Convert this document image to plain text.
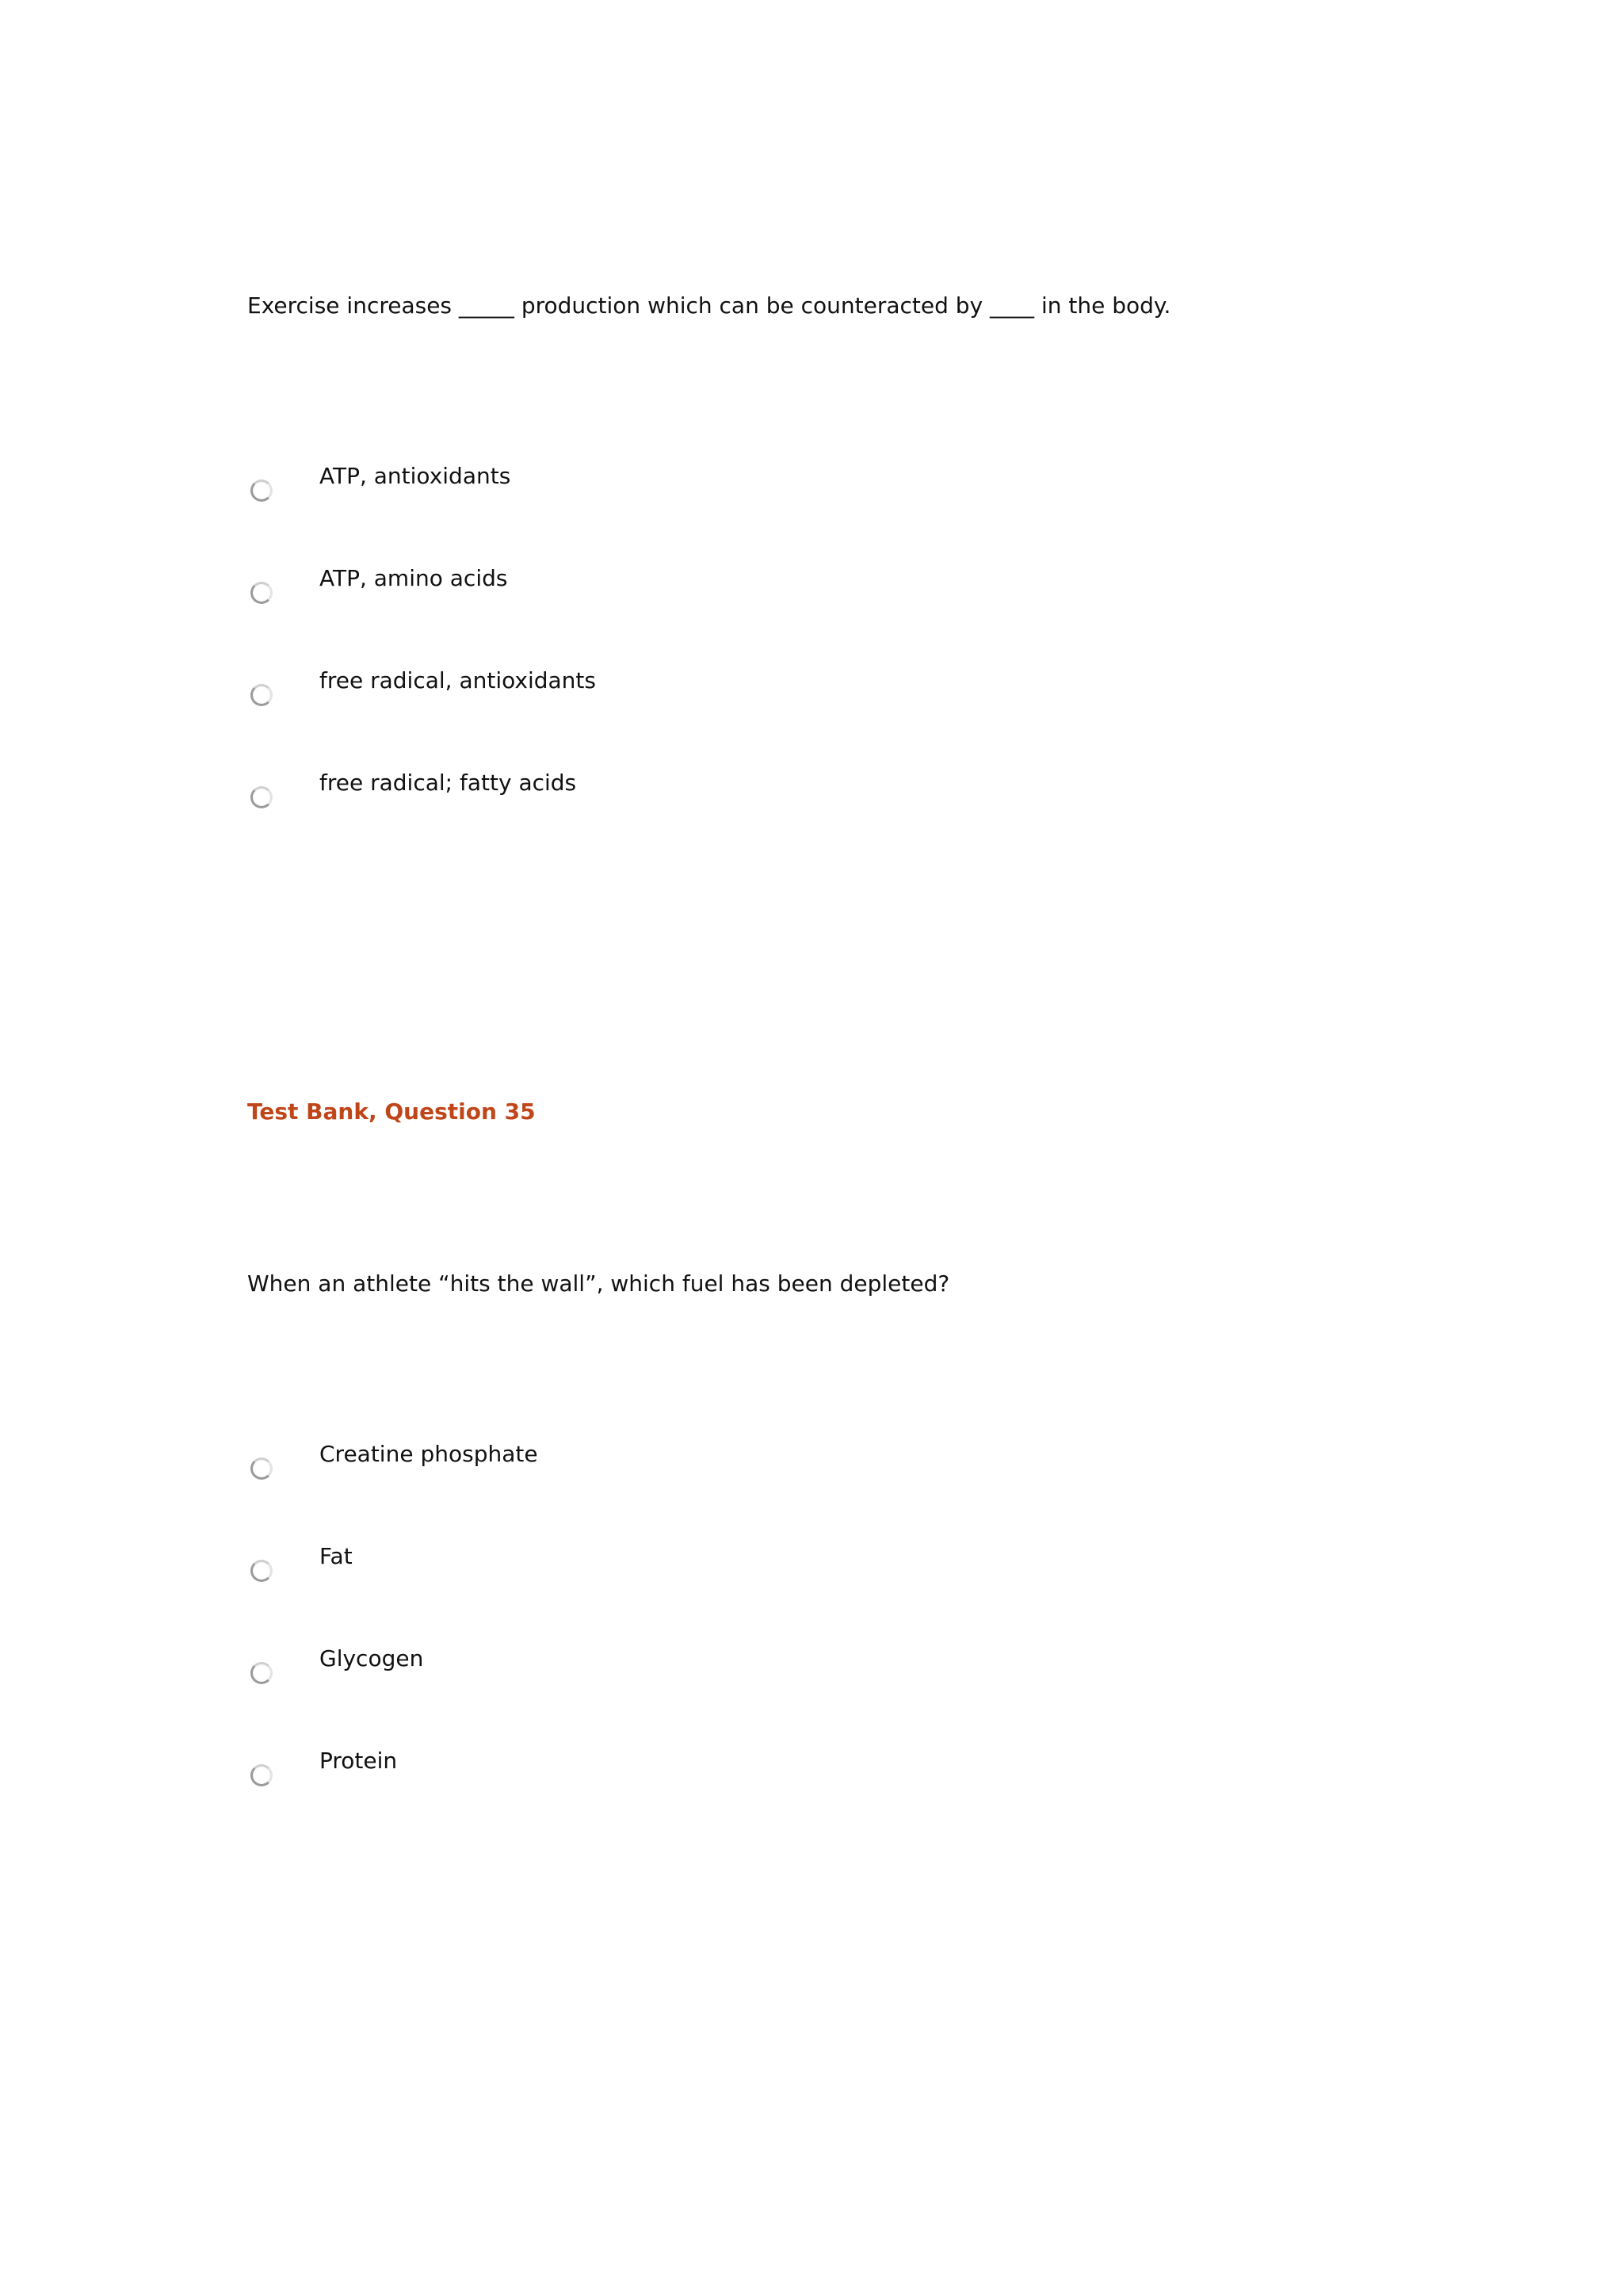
Exercise increases _____ production which can be counteracted by ____ in the body.
ATP, antioxidants
ATP, amino acids
free radical, antioxidants
free radical; fatty acids
Test Bank, Question 35
When an athlete “hits the wall”, which fuel has been depleted?
Creatine phosphate
Fat
Glycogen
Protein
